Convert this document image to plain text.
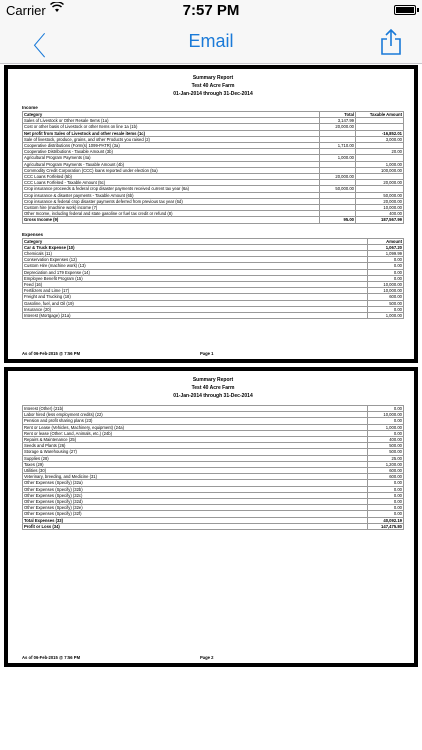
Carrier	7:57 PM
〈	Email
Summary Report
Test 40 Acre Farm
01-Jan-2014 through 31-Dec-2014
Income
Category	Total	Taxable Amount
Sales of Livestock or Other Resale Items (1a)	3,147.99	
Cost or other basis of Livestock or other Items on line 1a (1b)	20,000.00	
Net profit from Sales of Livestock and other resale items (1c)		-16,852.01
Sale of livestock, produce, grains, and other Products you raised (2)		3,000.00
Cooperative distributions (Form(s) 1099-PATR) (3a)	1,710.00	
Cooperative Distributions - Taxable Amount (3b)		20.00
Agricultural Program Payments (4a)	1,000.00	
Agricultural Program Payments - Taxable Amount (4b)		1,000.00
Commodity Credit Corporation (CCC) loans reported under election (5a)		100,000.00
CCC Loans Forfeited (5b)	20,000.00	
CCC Loans Forfeited - Taxable Amount (5c)		20,000.00
Crop insurance proceeds & federal crop disaster payments received current tax year (6a)	50,000.00	
Crop insurance & disaster payments - Taxable Amount (6b)		50,000.00
Crop insurance & federal crop disaster payments deferred from previous tax year (6d)		20,000.00
Custom hire (machine work) income (7)		10,000.00
Other Income, including federal and state gasoline or fuel tax credit or refund (8)		400.00
Gross Income (9)	95.00	187,567.99
Expenses
Category	Amount
Car & Truck Expense (10)	1,067.20
Chemicals (11)	1,099.99
Conservation Expenses (12)	0.00
Custom Hire (machine work) (13)	0.00
Depreciation and 179 Expense (14)	0.00
Employee Benefit Program (15)	0.00
Feed (16)	10,000.00
Fertilizers and Lime (17)	10,000.00
Freight and Trucking (18)	600.00
Gasoline, fuel, and Oil (19)	500.00
Insurance (20)	0.00
Interest (Mortgage) (21a)	1,000.00
As of 06-Feb-2015 @ 7:56 PM	Page 1
Summary Report
Test 40 Acre Farm
01-Jan-2014 through 31-Dec-2014
Interest (Other) (21b)	0.00
Labor hired (less employment credits) (22)	10,000.00
Pension and profit sharing plans (23)	0.00
Rent or Lease (Vehicles, Machinery, equipment) (24a)	1,000.00
Rent or lease (Other: Land, Animals, etc.) (24b)	0.00
Repairs & Maintenance (25)	400.00
Seeds and Plants (26)	500.00
Storage & Warehousing (27)	500.00
Supplies (28)	25.00
Taxes (29)	1,200.00
Utilities (30)	600.00
Veterinary, breeding, and Medicine (31)	600.00
Other Expenses (Specify) (32a)	0.00
Other Expenses (Specify) (32b)	0.00
Other Expenses (Specify) (32c)	0.00
Other Expenses (Specify) (32d)	0.00
Other Expenses (Specify) (32e)	0.00
Other Expenses (Specify) (32f)	0.00
Total Expenses (33)	40,092.19
Profit or Loss (34)	147,475.80
As of 06-Feb-2015 @ 7:56 PM	Page 2
